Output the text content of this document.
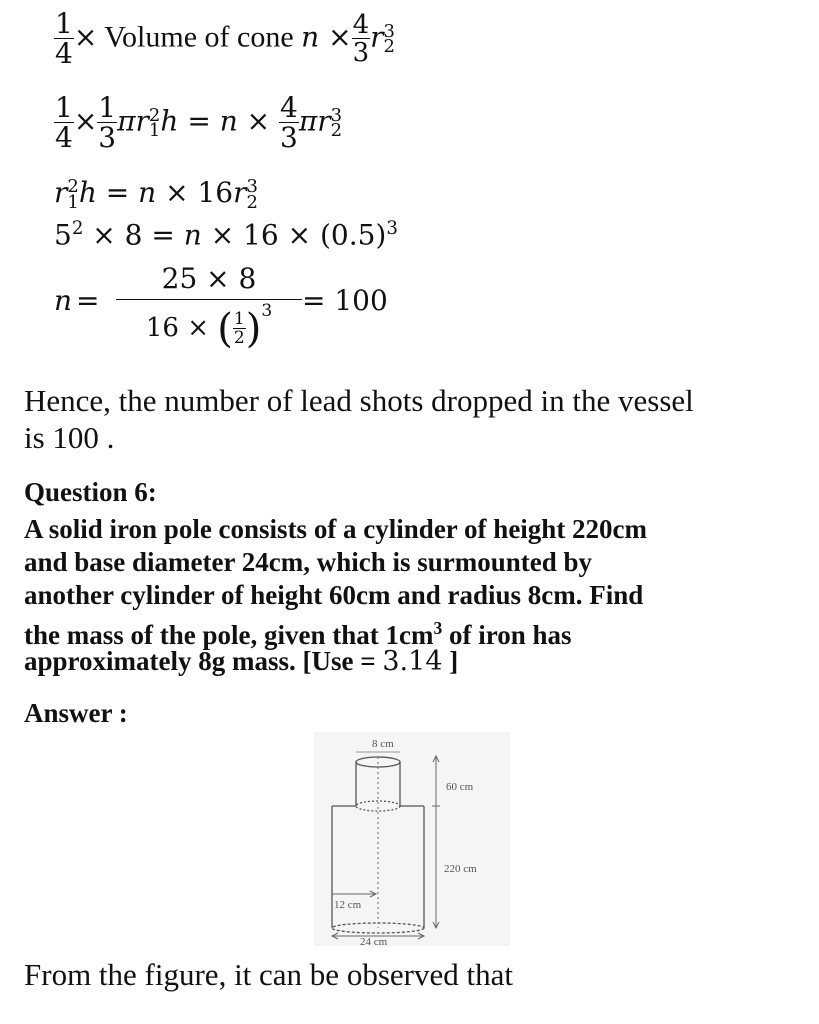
$\frac{1}{4}$ × Volume of cone $n \times \frac{4}{3}$ r 3
2
$\frac{1}{4} \times \frac{1}{3}$ πr 2
1 $h = n \times \frac{4}{3}$ πr 3
2
r 2
1 h = n × 16r 3
2
$5^2 \times 8 = n \times 16 \times (0.5)^3$
n =
25 × 8
16 × ( $\frac{1}{2} )^3$	= 100
Hence, the number of lead shots dropped in the vessel
is 100 .
Question 6:
A solid iron pole consists of a cylinder of height 220cm
and base diameter 24cm, which is surmounted by
another cylinder of height 60cm and radius 8cm. Find
the mass of the pole, given that $1cm^3$ of iron has
approximately 8g mass. [Use = 3.14 ]
Answer :
8 cm
60 cm
220 cm
12 cm
24 cm
From the figure, it can be observed that
